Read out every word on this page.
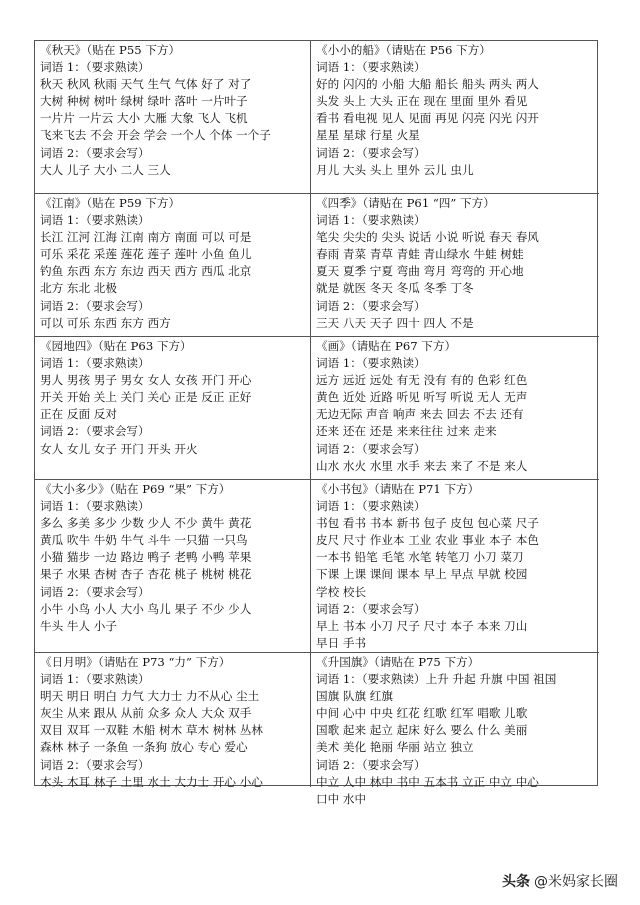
《秋天》（贴在 P55 下方）
词语 1：（要求熟读）
秋天 秋风 秋雨 天气 生气 气体 好了 对了
大树 种树 树叶 绿树 绿叶 落叶 一片叶子
一片片 一片云 大小 大雁 大象 飞人 飞机
飞来飞去 不会 开会 学会 一个人 个体 一个子
词语 2：（要求会写）
大人 儿子 大小 二人 三人
《小小的船》（请贴在 P56 下方）
词语 1：（要求熟读）
好的 闪闪的 小船 大船 船长 船头 两头 两人
头发 头上 大头 正在 现在 里面 里外 看见
看书 看电视 见人 见面 再见 闪亮 闪光 闪开
星星 星球 行星 火星
词语 2：（要求会写）
月儿 大头 头上 里外 云儿 虫儿
《江南》（贴在 P59 下方）
词语 1：（要求熟读）
长江 江河 江海 江南 南方 南面 可以 可是
可乐 采花 采莲 莲花 莲子 莲叶 小鱼 鱼儿
钓鱼 东西 东方 东边 西天 西方 西瓜 北京
北方 东北 北极
词语 2：（要求会写）
可以 可乐 东西 东方 西方
《四季》（请贴在 P61 “四” 下方）
词语 1：（要求熟读）
笔尖 尖尖的 尖头 说话 小说 听说 春天 春风
春雨 青菜 青草 青蛙 青山绿水 牛蛙 树蛙
夏天 夏季 宁夏 弯曲 弯月 弯弯的 开心地
就是 就医 冬天 冬瓜 冬季 丁冬
词语 2：（要求会写）
三天 八天 天子 四十 四人 不是
《园地四》（贴在 P63 下方）
词语 1：（要求熟读）
男人 男孩 男子 男女 女人 女孩 开门 开心
开关 开始 关上 关门 关心 正是 反正 正好
正在 反面 反对
词语 2：（要求会写）
女人 女儿 女子 开门 开头 开火
《画》（请贴在 P67 下方）
词语 1：（要求熟读）
远方 远近 远处 有无 没有 有的 色彩 红色
黄色 近处 近路 听见 听写 听说 无人 无声
无边无际 声音 响声 来去 回去 不去 还有
还来 还在 还是 来来往往 过来 走来
词语 2：（要求会写）
山水 水火 水里 水手 来去 来了 不是 来人
《大小多少》（贴在 P69 “果” 下方）
词语 1：（要求熟读）
多么 多美 多少 少数 少人 不少 黄牛 黄花
黄瓜 吹牛 牛奶 牛气 斗牛 一只猫 一只鸟
小猫 猫步 一边 路边 鸭子 老鸭 小鸭 苹果
果子 水果 杏树 杏子 杏花 桃子 桃树 桃花
词语 2：（要求会写）
小牛 小鸟 小人 大小 鸟儿 果子 不少 少人
牛头 牛人 小子
《小书包》（请贴在 P71 下方）
词语 1：（要求熟读）
书包 看书 书本 新书 包子 皮包 包心菜 尺子
皮尺 尺寸 作业本 工业 农业 事业 本子 本色
一本书 铅笔 毛笔 水笔 转笔刀 小刀 菜刀
下课 上课 课间 课本 早上 早点 早就 校园
学校 校长
词语 2：（要求会写）
早上 书本 小刀 尺子 尺寸 本子 本来 刀山
早日 手书
《日月明》（请贴在 P73 “力” 下方）
词语 1：（要求熟读）
明天 明日 明白 力气 大力士 力不从心 尘土
灰尘 从来 跟从 从前 众多 众人 大众 双手
双目 双耳 一双鞋 木船 树木 草木 树林 丛林
森林 林子 一条鱼 一条狗 放心 专心 爱心
词语 2：（要求会写）
木头 木耳 林子 土里 水土 大力士 开心 小心
《升国旗》（请贴在 P75 下方）
词语 1：（要求熟读）上升 升起 升旗 中国 祖国
国旗 队旗 红旗
中间 心中 中央 红花 红歌 红军 唱歌 儿歌
国歌 起来 起立 起床 好么 要么 什么 美丽
美术 美化 艳丽 华丽 站立 独立
词语 2：（要求会写）
中立 人中 林中 书中 五本书 立正 中立 中心
口中 水中
头条 @米妈家长圈
